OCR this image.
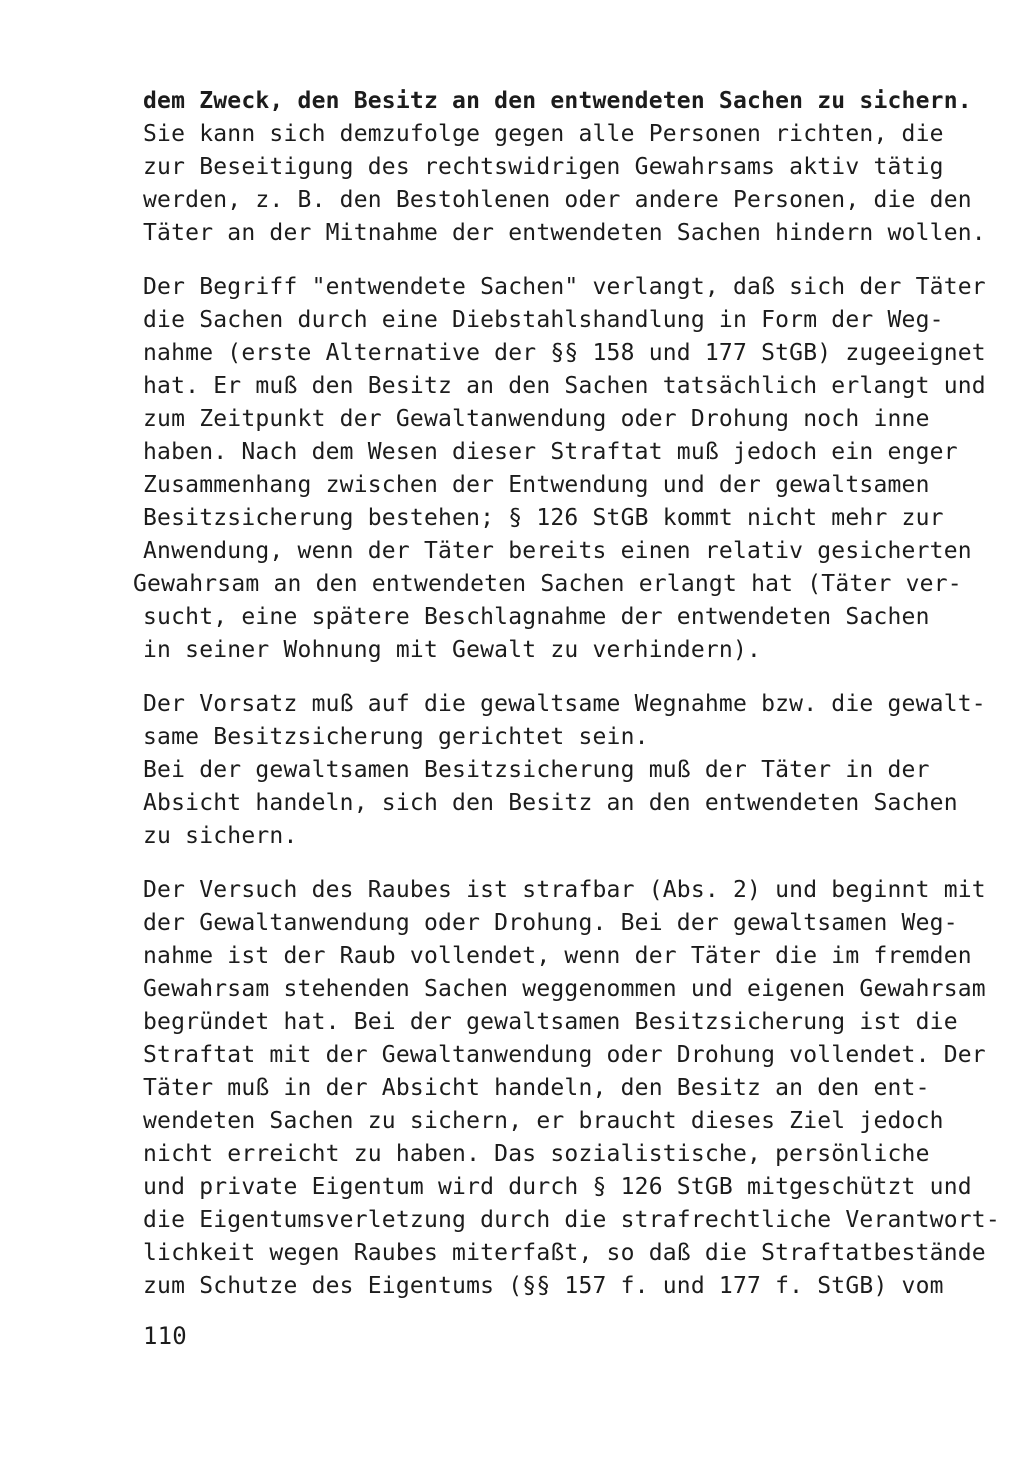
dem Zweck, den Besitz an den entwendeten Sachen zu sichern.
Sie kann sich demzufolge gegen alle Personen richten, die
zur Beseitigung des rechtswidrigen Gewahrsams aktiv tätig
werden, z. B. den Bestohlenen oder andere Personen, die den
Täter an der Mitnahme der entwendeten Sachen hindern wollen.
Der Begriff "entwendete Sachen" verlangt, daß sich der Täter
die Sachen durch eine Diebstahlshandlung in Form der Weg-
nahme (erste Alternative der §§ 158 und 177 StGB) zugeeignet
hat. Er muß den Besitz an den Sachen tatsächlich erlangt und
zum Zeitpunkt der Gewaltanwendung oder Drohung noch inne
haben. Nach dem Wesen dieser Straftat muß jedoch ein enger
Zusammenhang zwischen der Entwendung und der gewaltsamen
Besitzsicherung bestehen; § 126 StGB kommt nicht mehr zur
Anwendung, wenn der Täter bereits einen relativ gesicherten
Gewahrsam an den entwendeten Sachen erlangt hat (Täter ver-
sucht, eine spätere Beschlagnahme der entwendeten Sachen
in seiner Wohnung mit Gewalt zu verhindern).
Der Vorsatz muß auf die gewaltsame Wegnahme bzw. die gewalt-
same Besitzsicherung gerichtet sein.
Bei der gewaltsamen Besitzsicherung muß der Täter in der
Absicht handeln, sich den Besitz an den entwendeten Sachen
zu sichern.
Der Versuch des Raubes ist strafbar (Abs. 2) und beginnt mit
der Gewaltanwendung oder Drohung. Bei der gewaltsamen Weg-
nahme ist der Raub vollendet, wenn der Täter die im fremden
Gewahrsam stehenden Sachen weggenommen und eigenen Gewahrsam
begründet hat. Bei der gewaltsamen Besitzsicherung ist die
Straftat mit der Gewaltanwendung oder Drohung vollendet. Der
Täter muß in der Absicht handeln, den Besitz an den ent-
wendeten Sachen zu sichern, er braucht dieses Ziel jedoch
nicht erreicht zu haben. Das sozialistische, persönliche
und private Eigentum wird durch § 126 StGB mitgeschützt und
die Eigentumsverletzung durch die strafrechtliche Verantwort-
lichkeit wegen Raubes miterfaßt, so daß die Straftatbestände
zum Schutze des Eigentums (§§ 157 f. und 177 f. StGB) vom
110
